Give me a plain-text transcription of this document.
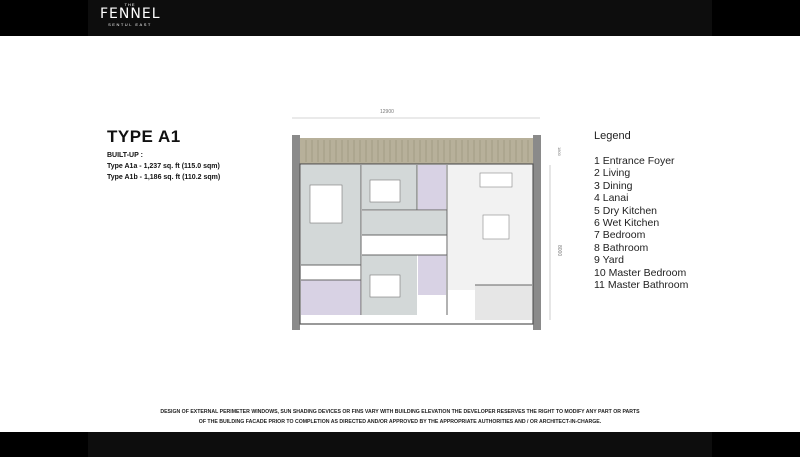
THE
FENNEL
SENTUL EAST
TYPE A1
BUILT-UP :
Type A1a - 1,237 sq. ft (115.0 sqm)
Type A1b - 1,186 sq. ft (110.2 sqm)
12900
8000
1800
Legend
1 Entrance Foyer
2 Living
3 Dining
4 Lanai
5 Dry Kitchen
6 Wet Kitchen
7 Bedroom
8 Bathroom
9 Yard
10 Master Bedroom
11 Master Bathroom
DESIGN OF EXTERNAL PERIMETER WINDOWS, SUN SHADING DEVICES OR FINS VARY WITH BUILDING ELEVATION THE DEVELOPER RESERVES THE RIGHT TO MODIFY ANY PART OR PARTS
OF THE BUILDING FACADE PRIOR TO COMPLETION AS DIRECTED AND/OR APPROVED BY THE APPROPRIATE AUTHORITIES AND / OR ARCHITECT-IN-CHARGE.
